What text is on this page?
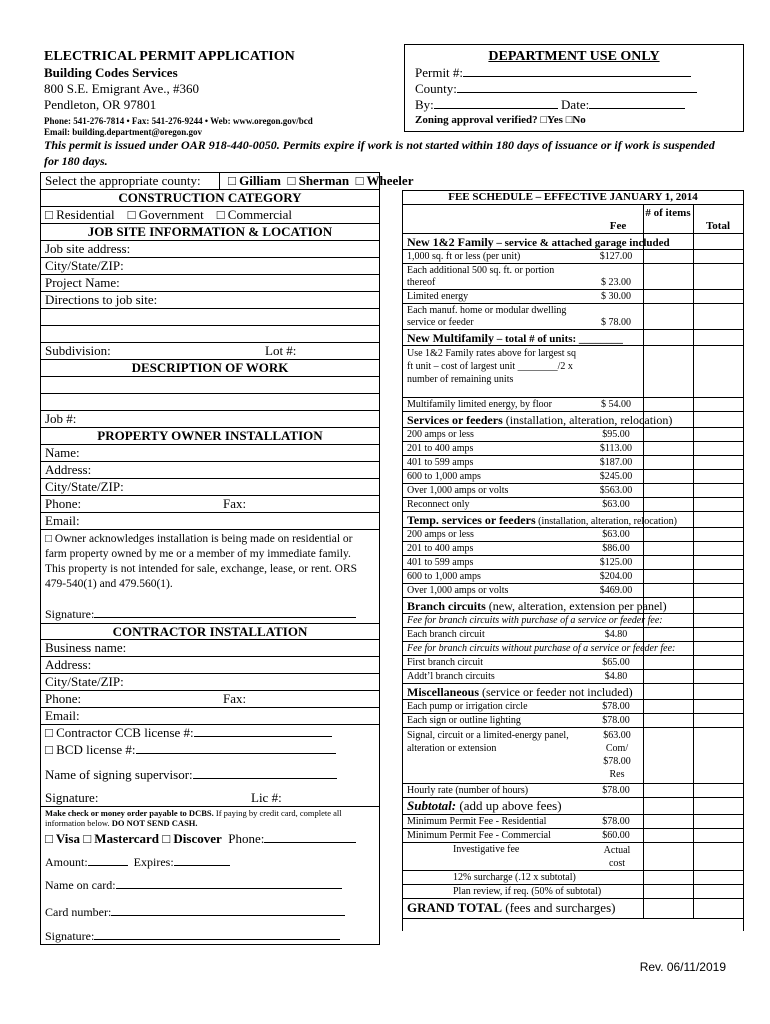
ELECTRICAL PERMIT APPLICATION
Building Codes Services
800 S.E. Emigrant Ave., #360
Pendleton, OR 97801
Phone: 541-276-7814 • Fax: 541-276-9244 • Web: www.oregon.gov/bcd
Email: building.department@oregon.gov
DEPARTMENT USE ONLY
Permit #:
County:
By:	Date:
Zoning approval verified? □Yes □No
This permit is issued under OAR 918-440-0050. Permits expire if work is not started within 180 days of issuance or if work is suspended for 180 days.
Select the appropriate county: □ Gilliam □ Sherman □ Wheeler
CONSTRUCTION CATEGORY
□ Residential □ Government □ Commercial
JOB SITE INFORMATION & LOCATION
Job site address:
City/State/ZIP:
Project Name:
Directions to job site:
Subdivision:	Lot #:
DESCRIPTION OF WORK
Job #:
PROPERTY OWNER INSTALLATION
Name:
Address:
City/State/ZIP:
Phone:	Fax:
Email:
□ Owner acknowledges installation is being made on residential or farm property owned by me or a member of my immediate family. This property is not intended for sale, exchange, lease, or rent. ORS 479-540(1) and 479.560(1).
Signature:
CONTRACTOR INSTALLATION
Business name:
Address:
City/State/ZIP:
Phone:	Fax:
Email:
□ Contractor CCB license #:
□ BCD license #:
Name of signing supervisor:
Signature:	Lic #:
Make check or money order payable to DCBS. If paying by credit card, complete all information below. DO NOT SEND CASH.
□ Visa □ Mastercard □ Discover Phone:
Amount:	Expires:
Name on card:
Card number:
Signature:
FEE SCHEDULE – EFFECTIVE JANUARY 1, 2014
Fee
# of items
Total
New 1&2 Family – service & attached garage included
1,000 sq. ft or less (per unit)	$127.00
Each additional 500 sq. ft. or portion thereof	$ 23.00
Limited energy	$ 30.00
Each manuf. home or modular dwelling service or feeder	$ 78.00
New Multifamily – total # of units: ________
Use 1&2 Family rates above for largest sq ft unit – cost of largest unit ________/2 x number of remaining units
Multifamily limited energy, by floor	$ 54.00
Services or feeders (installation, alteration, relocation)
200 amps or less	$95.00
201 to 400 amps	$113.00
401 to 599 amps	$187.00
600 to 1,000 amps	$245.00
Over 1,000 amps or volts	$563.00
Reconnect only	$63.00
Temp. services or feeders (installation, alteration, relocation)
200 amps or less	$63.00
201 to 400 amps	$86.00
401 to 599 amps	$125.00
600 to 1,000 amps	$204.00
Over 1,000 amps or volts	$469.00
Branch circuits (new, alteration, extension per panel)
Fee for branch circuits with purchase of a service or feeder fee:
Each branch circuit	$4.80
Fee for branch circuits without purchase of a service or feeder fee:
First branch circuit	$65.00
Addt’l branch circuits	$4.80
Miscellaneous (service or feeder not included)
Each pump or irrigation circle	$78.00
Each sign or outline lighting	$78.00
Signal, circuit or a limited-energy panel, alteration or extension
$63.00 Com/ $78.00 Res
Hourly rate (number of hours)	$78.00
Subtotal: (add up above fees)
Minimum Permit Fee - Residential	$78.00
Minimum Permit Fee - Commercial	$60.00
Investigative fee	Actual cost
12% surcharge (.12 x subtotal)
Plan review, if req. (50% of subtotal)
GRAND TOTAL (fees and surcharges)
Rev. 06/11/2019
